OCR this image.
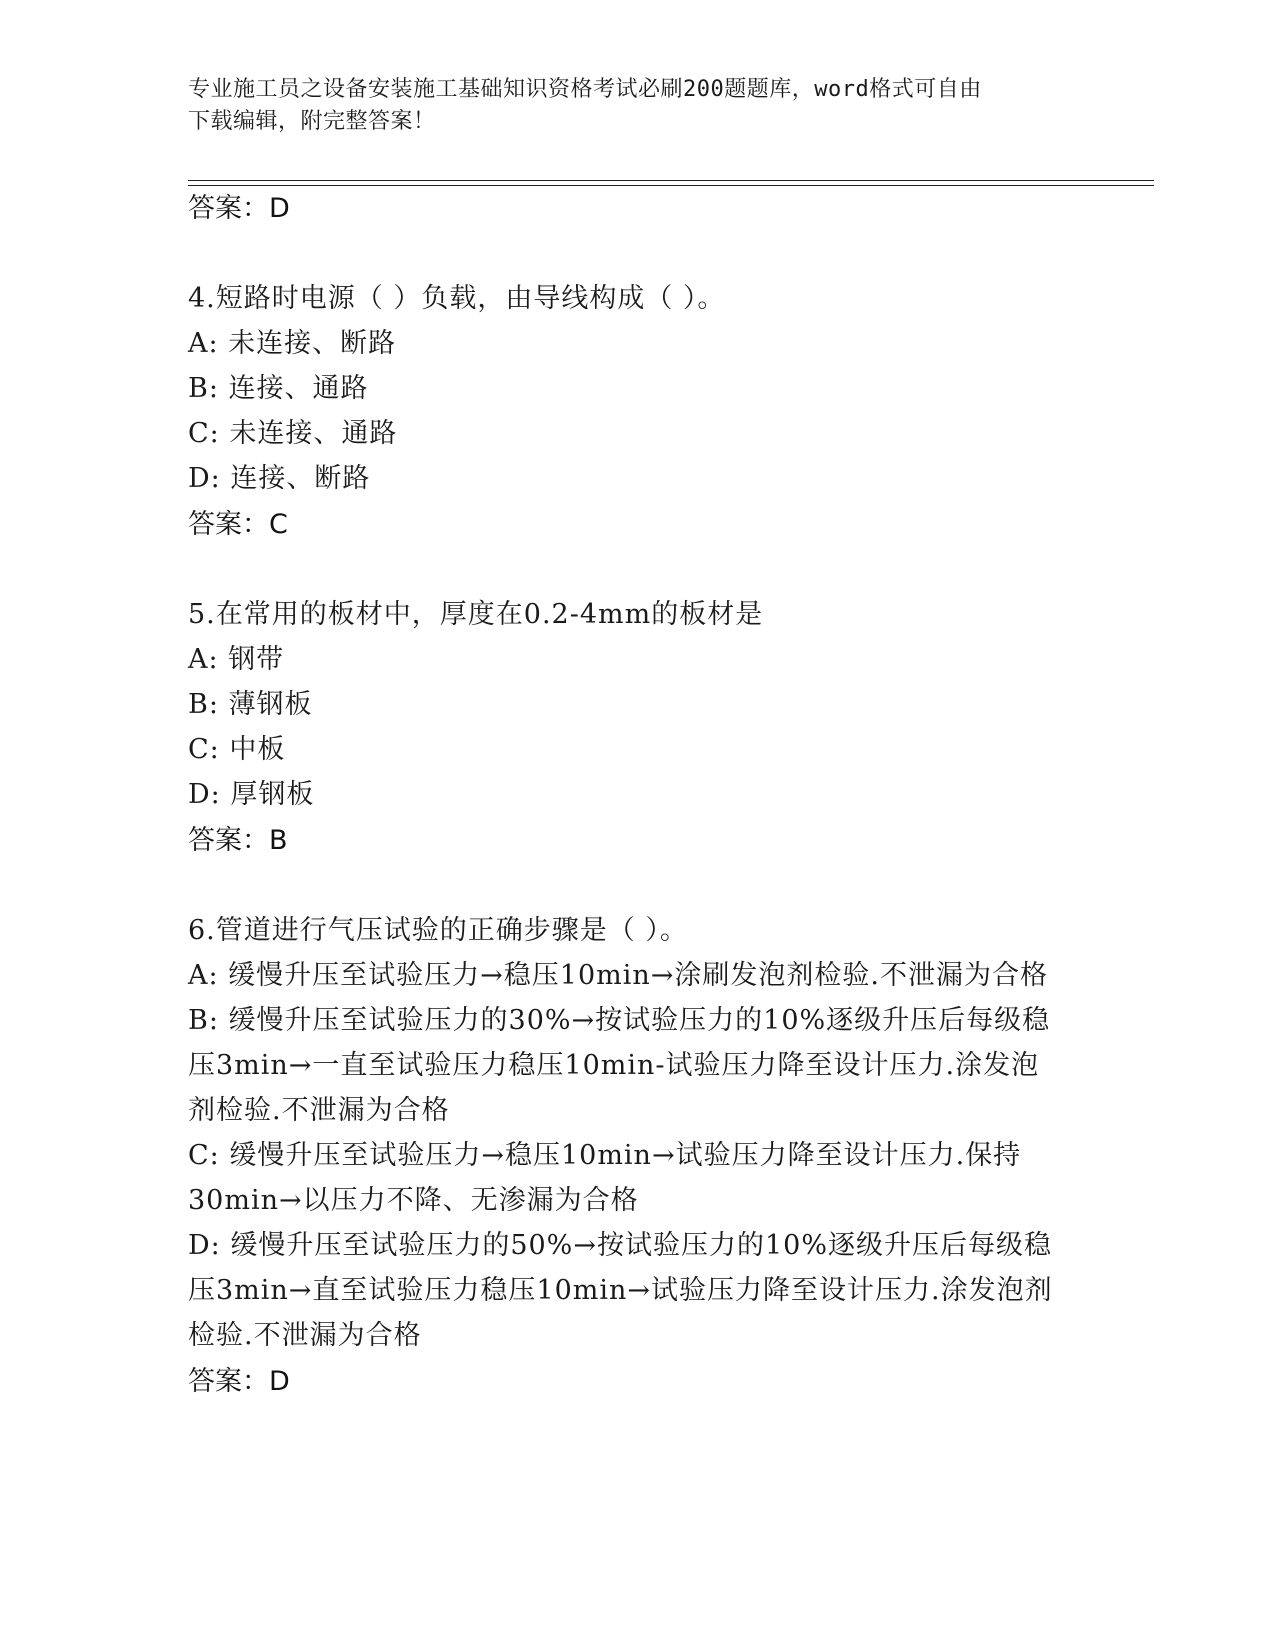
专业施工员之设备安装施工基础知识资格考试必刷200题题库，word格式可自由
下载编辑，附完整答案！
答案：D
4.短路时电源（ ）负载，由导线构成（ ）。
A: 未连接、断路
B: 连接、通路
C: 未连接、通路
D: 连接、断路
答案：C
5.在常用的板材中，厚度在0.2-4mm的板材是
A: 钢带
B: 薄钢板
C: 中板
D: 厚钢板
答案：B
6.管道进行气压试验的正确步骤是（ ）。
A: 缓慢升压至试验压力→稳压10min→涂刷发泡剂检验.不泄漏为合格
B: 缓慢升压至试验压力的30%→按试验压力的10%逐级升压后每级稳
压3min→一直至试验压力稳压10min-试验压力降至设计压力.涂发泡
剂检验.不泄漏为合格
C: 缓慢升压至试验压力→稳压10min→试验压力降至设计压力.保持
30min→以压力不降、无渗漏为合格
D: 缓慢升压至试验压力的50%→按试验压力的10%逐级升压后每级稳
压3min→直至试验压力稳压10min→试验压力降至设计压力.涂发泡剂
检验.不泄漏为合格
答案：D
